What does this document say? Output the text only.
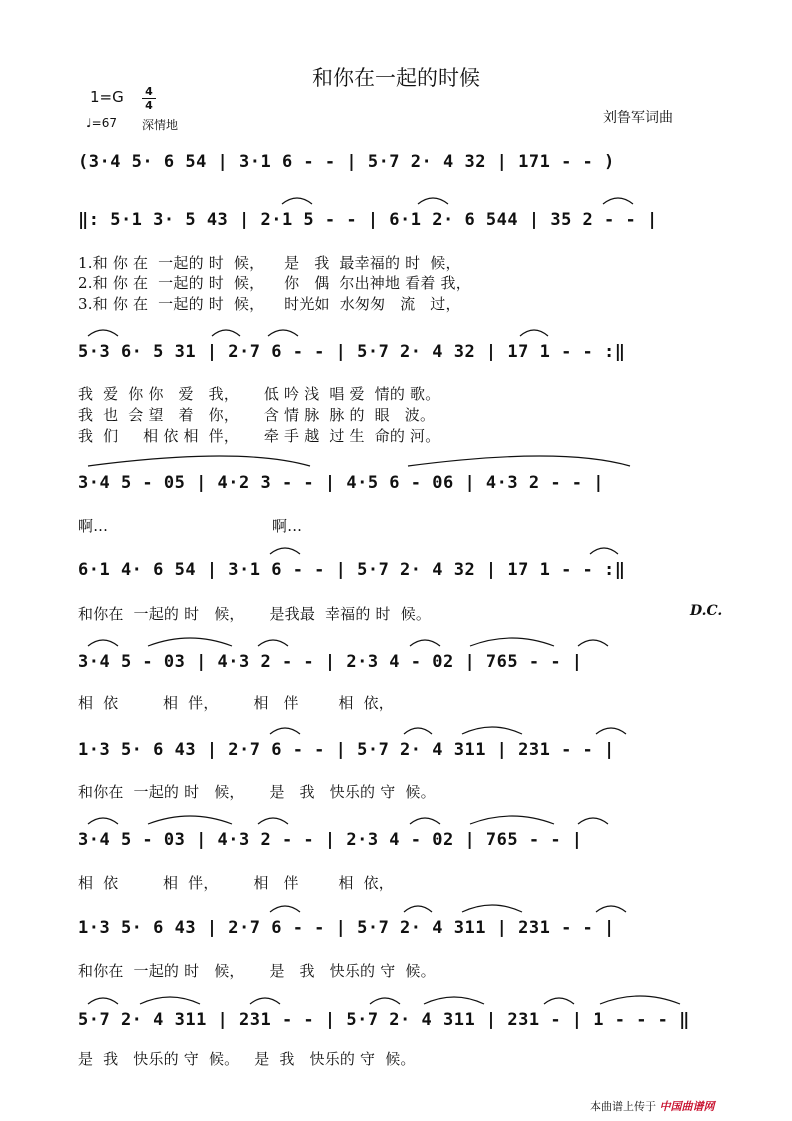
和你在一起的时候
1=G 4
4
♩=67 深情地	刘鲁军词曲
(3·4 5· 6 54 | 3·1 6 - - | 5·7 2· 4 32 | 171 - - )
‖: 5·1 3· 5 43 | 2·1 5 - - | 6·1 2· 6 544 | 35 2 - - |
1.和 你 在  一起的 时  候，    是   我  最幸福的 时  候，
2.和 你 在  一起的 时  候，    你   偶  尔出神地 看着 我，
3.和 你 在  一起的 时  候，    时光如  水匆匆   流   过，
5·3 6· 5 31 | 2·7 6 - - | 5·7 2· 4 32 | 17 1 - - :‖
我  爱  你 你   爱   我，     低 吟 浅  唱 爱  情的 歌。
我  也  会 望   着   你，     含 情 脉  脉 的  眼   波。
我  们     相 依 相  伴，     牵 手 越  过 生  命的 河。
3·4 5 - 05 | 4·2 3 - - | 4·5 6 - 06 | 4·3 2 - - |
啊...                                 啊...
6·1 4· 6 54 | 3·1 6 - - | 5·7 2· 4 32 | 17 1 - - :‖
和你在  一起的 时   候，     是我最  幸福的 时  候。	D.C.
3·4 5 - 03 | 4·3 2 - - | 2·3 4 - 02 | 765 - - |
相  依         相  伴，       相   伴        相  依，
1·3 5· 6 43 | 2·7 6 - - | 5·7 2· 4 311 | 231 - - |
和你在  一起的 时   候，     是   我   快乐的 守  候。
3·4 5 - 03 | 4·3 2 - - | 2·3 4 - 02 | 765 - - |
相  依         相  伴，       相   伴        相  依，
1·3 5· 6 43 | 2·7 6 - - | 5·7 2· 4 311 | 231 - - |
和你在  一起的 时   候，     是   我   快乐的 守  候。
5·7 2· 4 311 | 231 - - | 5·7 2· 4 311 | 231 - | 1 - - - ‖
是  我   快乐的 守  候。   是  我   快乐的 守  候。
本曲谱上传于 中国曲谱网
